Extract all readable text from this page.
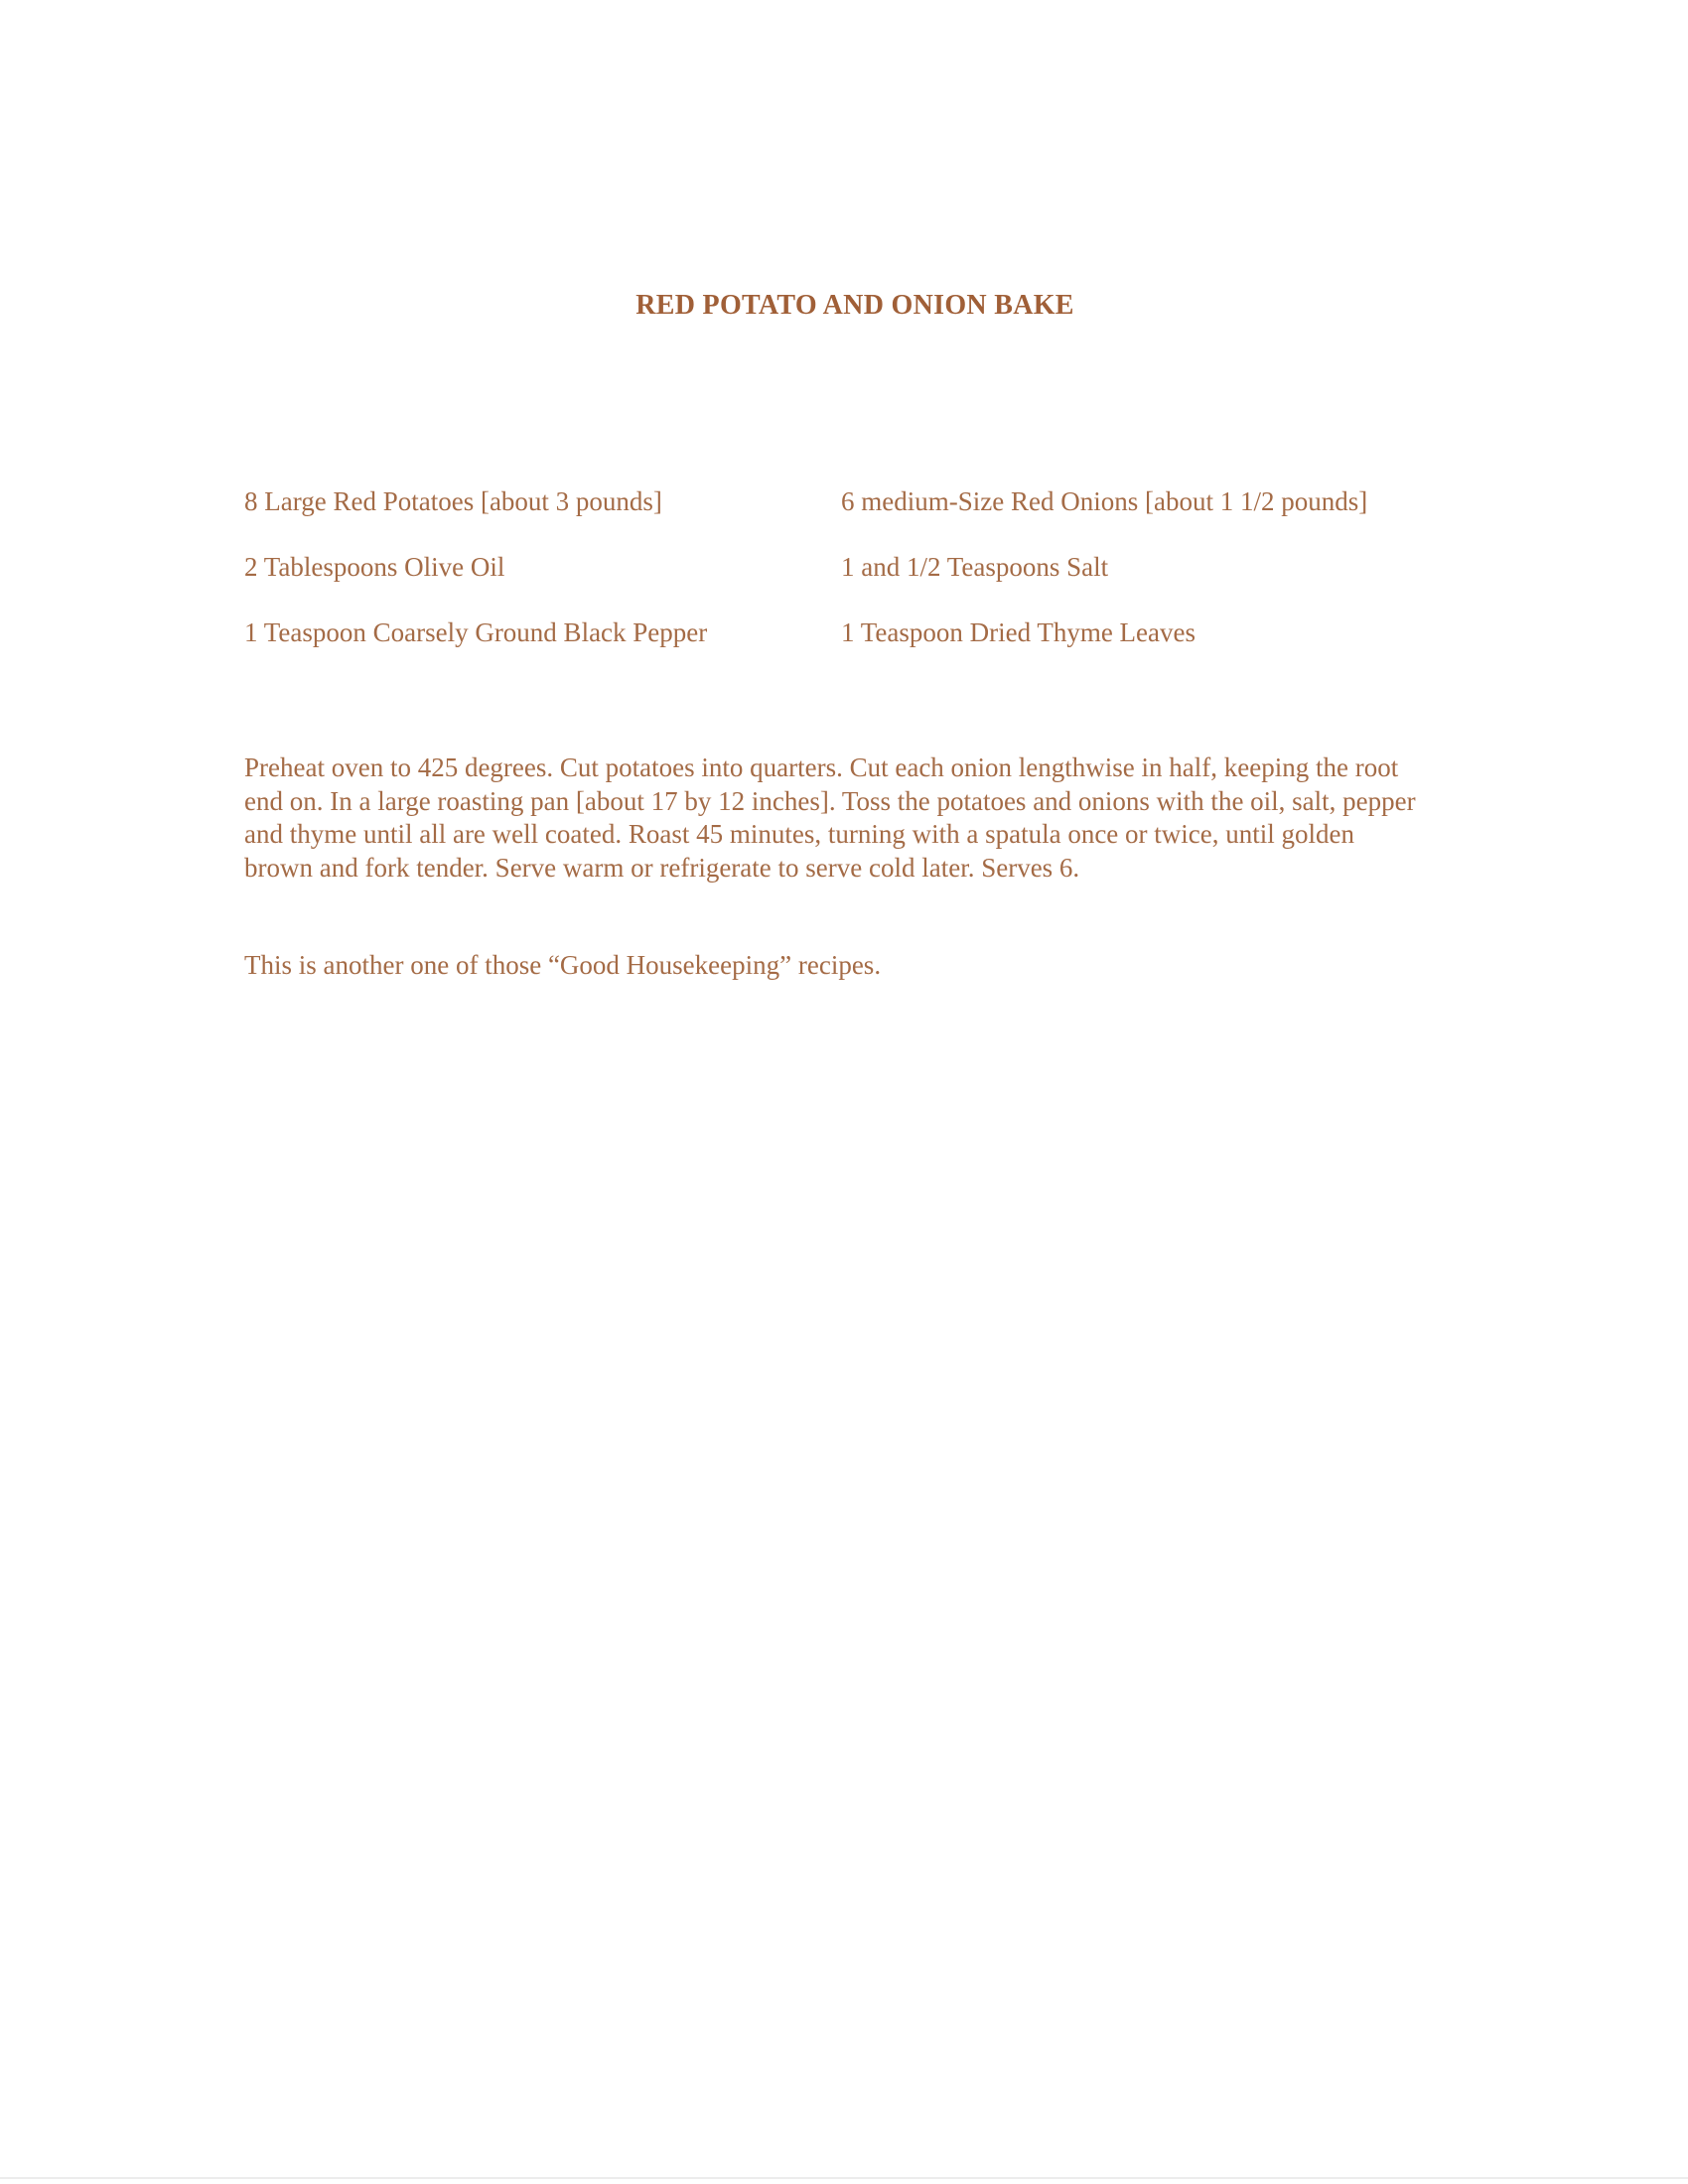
RED POTATO AND ONION BAKE
8 Large Red Potatoes [about 3 pounds]	6 medium-Size Red Onions [about 1 1/2 pounds]
2 Tablespoons Olive Oil	1 and 1/2 Teaspoons Salt
1 Teaspoon Coarsely Ground Black Pepper	1 Teaspoon Dried Thyme Leaves
Preheat oven to 425 degrees. Cut potatoes into quarters. Cut each onion lengthwise in half, keeping the root end on. In a large roasting pan [about 17 by 12 inches]. Toss the potatoes and onions with the oil, salt, pepper and thyme until all are well coated. Roast 45 minutes, turning with a spatula once or twice, until golden brown and fork tender. Serve warm or refrigerate to serve cold later. Serves 6.
This is another one of those “Good Housekeeping” recipes.
